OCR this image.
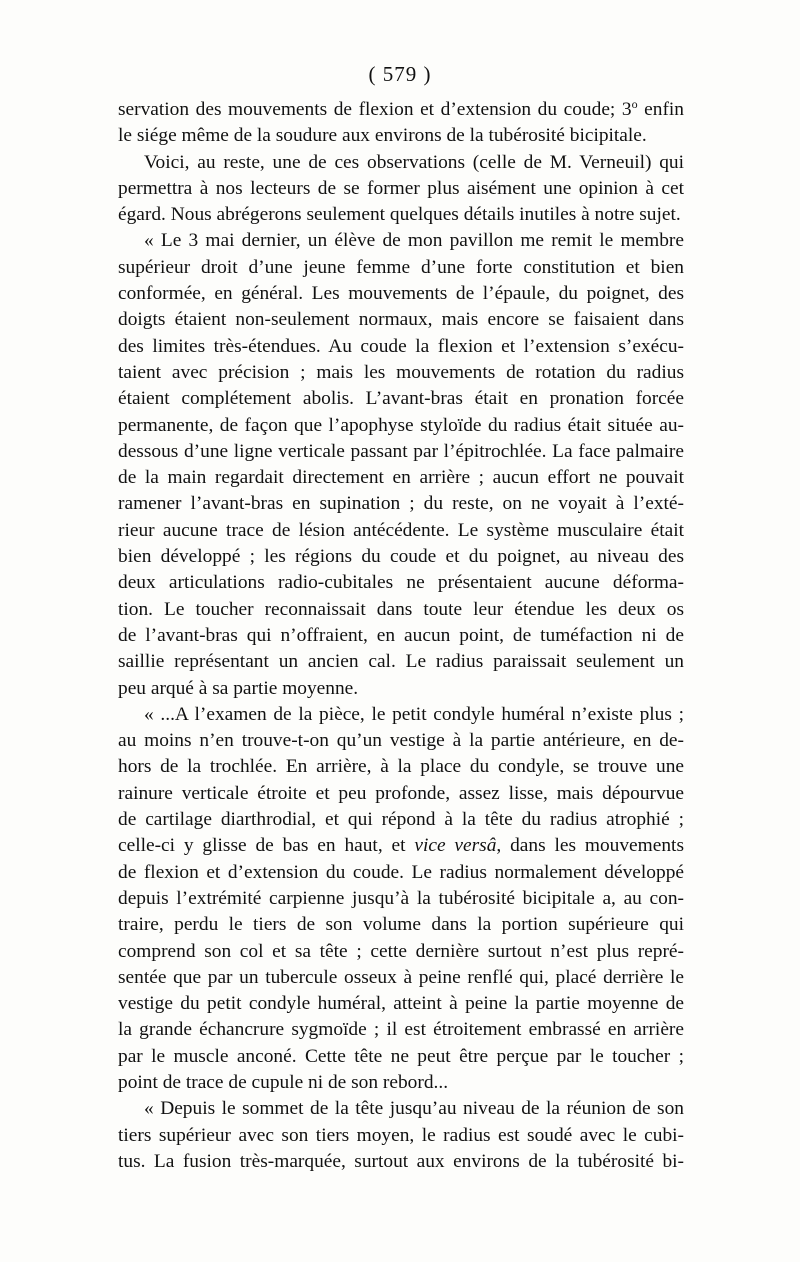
( 579 )
servation des mouvements de flexion et d’extension du coude; 3$^o$ enfin
le siége même de la soudure aux environs de la tubérosité bicipitale.
Voici, au reste, une de ces observations (celle de M. Verneuil) qui
permettra à nos lecteurs de se former plus aisément une opinion à cet
égard. Nous abrégerons seulement quelques détails inutiles à notre sujet.
« Le 3 mai dernier, un élève de mon pavillon me remit le membre
supérieur droit d’une jeune femme d’une forte constitution et bien
conformée, en général. Les mouvements de l’épaule, du poignet, des
doigts étaient non-seulement normaux, mais encore se faisaient dans
des limites très-étendues. Au coude la flexion et l’extension s’exécu-
taient avec précision ; mais les mouvements de rotation du radius
étaient complétement abolis. L’avant-bras était en pronation forcée
permanente, de façon que l’apophyse styloïde du radius était située au-
dessous d’une ligne verticale passant par l’épitrochlée. La face palmaire
de la main regardait directement en arrière ; aucun effort ne pouvait
ramener l’avant-bras en supination ; du reste, on ne voyait à l’exté-
rieur aucune trace de lésion antécédente. Le système musculaire était
bien développé ; les régions du coude et du poignet, au niveau des
deux articulations radio-cubitales ne présentaient aucune déforma-
tion. Le toucher reconnaissait dans toute leur étendue les deux os
de l’avant-bras qui n’offraient, en aucun point, de tuméfaction ni de
saillie représentant un ancien cal. Le radius paraissait seulement un
peu arqué à sa partie moyenne.
« ...A l’examen de la pièce, le petit condyle huméral n’existe plus ;
au moins n’en trouve-t-on qu’un vestige à la partie antérieure, en de-
hors de la trochlée. En arrière, à la place du condyle, se trouve une
rainure verticale étroite et peu profonde, assez lisse, mais dépourvue
de cartilage diarthrodial, et qui répond à la tête du radius atrophié ;
celle-ci y glisse de bas en haut, et vice versâ, dans les mouvements
de flexion et d’extension du coude. Le radius normalement développé
depuis l’extrémité carpienne jusqu’à la tubérosité bicipitale a, au con-
traire, perdu le tiers de son volume dans la portion supérieure qui
comprend son col et sa tête ; cette dernière surtout n’est plus repré-
sentée que par un tubercule osseux à peine renflé qui, placé derrière le
vestige du petit condyle huméral, atteint à peine la partie moyenne de
la grande échancrure sygmoïde ; il est étroitement embrassé en arrière
par le muscle anconé. Cette tête ne peut être perçue par le toucher ;
point de trace de cupule ni de son rebord...
« Depuis le sommet de la tête jusqu’au niveau de la réunion de son
tiers supérieur avec son tiers moyen, le radius est soudé avec le cubi-
tus. La fusion très-marquée, surtout aux environs de la tubérosité bi-
